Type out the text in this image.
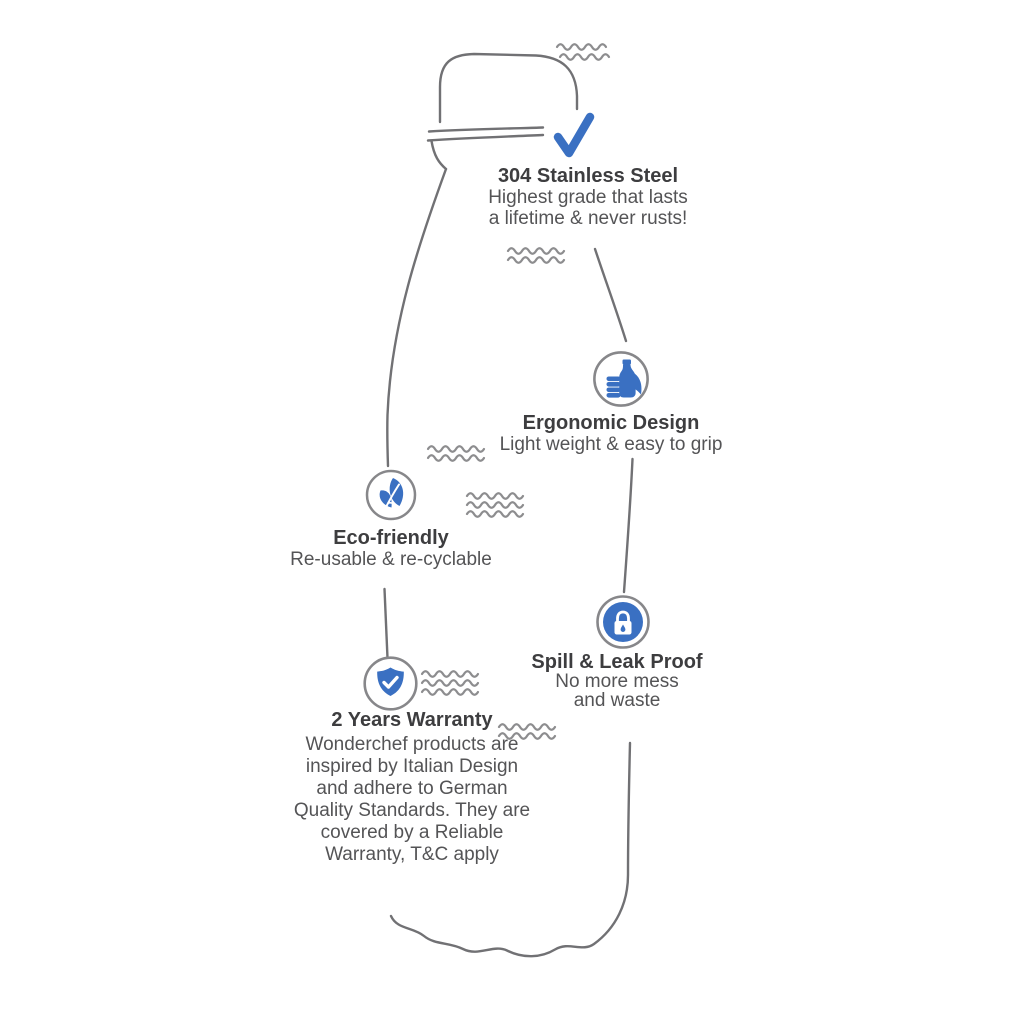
304 Stainless Steel
Highest grade that lasts
a lifetime & never rusts!
Ergonomic Design
Light weight & easy to grip
Eco-friendly
Re-usable & re-cyclable
Spill & Leak Proof
No more mess
and waste
2 Years Warranty
Wonderchef products are
inspired by Italian Design
and adhere to German
Quality Standards. They are
covered by a Reliable
Warranty, T&C apply
